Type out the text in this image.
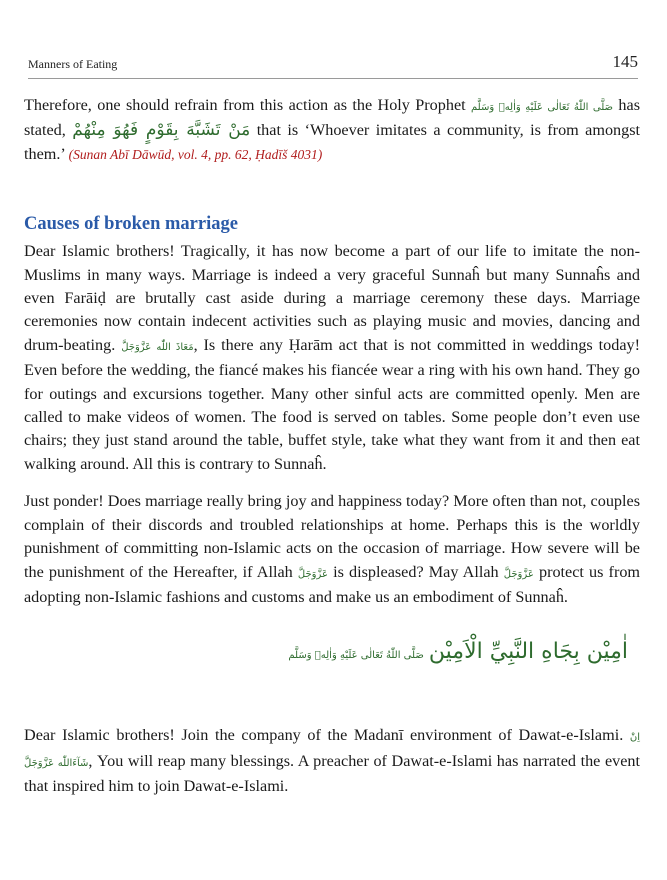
Manners of Eating	145

Therefore, one should refrain from this action as the Holy Prophet صَلَّى اللّٰهُ تَعَالٰى عَلَيْهِ وَاٰلِهٖ وَسَلَّم has stated, مَنْ تَشَبَّهَ بِقَوْمٍ فَهُوَ مِنْهُمْ that is ‘Whoever imitates a community, is from amongst them.’ (Sunan Abī Dāwūd, vol. 4, pp. 62, Ḥadīš 4031)

Causes of broken marriage

Dear Islamic brothers! Tragically, it has now become a part of our life to imitate the non-Muslims in many ways. Marriage is indeed a very graceful Sunnaĥ but many Sunnaĥs and even Farāiḍ are brutally cast aside during a marriage ceremony these days. Marriage ceremonies now contain indecent activities such as playing music and movies, dancing and drum-beating. مَعَاذَ اللّٰه عَزَّوَجَلَّ, Is there any Ḥarām act that is not committed in weddings today! Even before the wedding, the fiancé makes his fiancée wear a ring with his own hand. They go for outings and excursions together. Many other sinful acts are committed openly. Men are called to make videos of women. The food is served on tables. Some people don’t even use chairs; they just stand around the table, buffet style, take what they want from it and then eat walking around. All this is contrary to Sunnaĥ.

Just ponder! Does marriage really bring joy and happiness today? More often than not, couples complain of their discords and troubled relationships at home. Perhaps this is the worldly punishment of committing non-Islamic acts on the occasion of marriage. How severe will be the punishment of the Hereafter, if Allah عَزَّوَجَلَّ is displeased? May Allah عَزَّوَجَلَّ protect us from adopting non-Islamic fashions and customs and make us an embodiment of Sunnaĥ.

صَلَّى اللّٰهُ تَعَالٰى عَلَيْهِ وَاٰلِهٖ وَسَلَّم اٰمِيْن بِجَاهِ النَّبِيِّ الْاَمِيْن

Dear Islamic brothers! Join the company of the Madanī environment of Dawat-e-Islami. اِنْ شَآءَاللّٰه عَزَّوَجَلَّ, You will reap many blessings. A preacher of Dawat-e-Islami has narrated the event that inspired him to join Dawat-e-Islami.
